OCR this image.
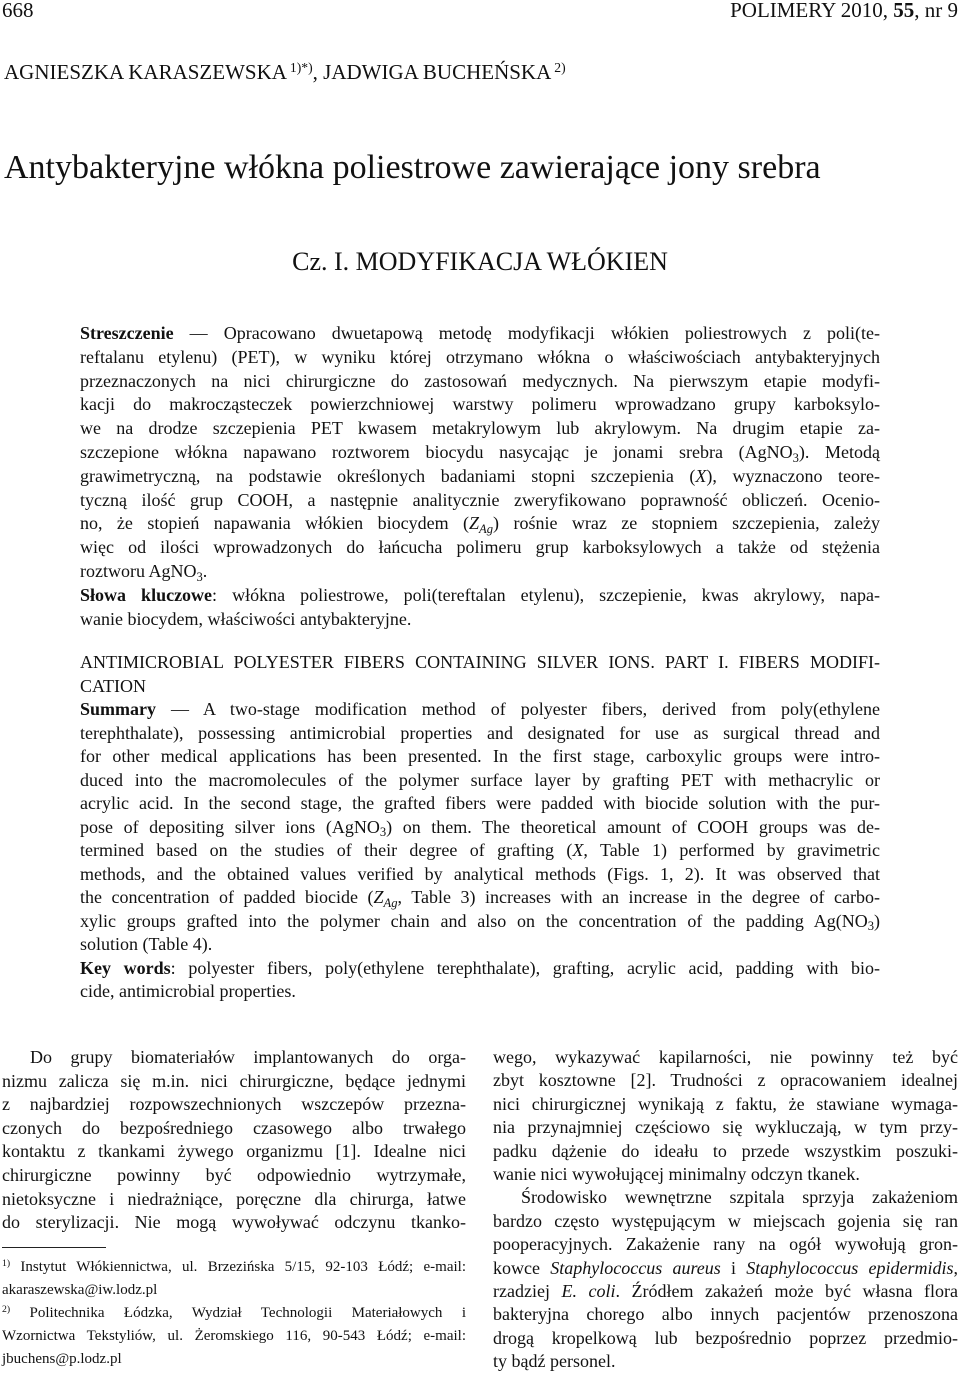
668	POLIMERY 2010, 55, nr 9
AGNIESZKA KARASZEWSKA $^{1)*)}$, JADWIGA BUCHEŃSKA $^{2)}$
Antybakteryjne włókna poliestrowe zawierające jony srebra
Cz. I. MODYFIKACJA WŁÓKIEN
Streszczenie — Opracowano dwuetapową metodę modyfikacji włókien poliestrowych z poli(te-
reftalanu etylenu) (PET), w wyniku której otrzymano włókna o właściwościach antybakteryjnych
przeznaczonych na nici chirurgiczne do zastosowań medycznych. Na pierwszym etapie modyfi-
kacji do makrocząsteczek powierzchniowej warstwy polimeru wprowadzano grupy karboksylo-
we na drodze szczepienia PET kwasem metakrylowym lub akrylowym. Na drugim etapie za-
szczepione włókna napawano roztworem biocydu nasycając je jonami srebra (AgNO$_3$). Metodą
grawimetryczną, na podstawie określonych badaniami stopni szczepienia (X), wyznaczono teore-
tyczną ilość grup COOH, a następnie analitycznie zweryfikowano poprawność obliczeń. Ocenio-
no, że stopień napawania włókien biocydem $(Z_{Ag})$ rośnie wraz ze stopniem szczepienia, zależy
więc od ilości wprowadzonych do łańcucha polimeru grup karboksylowych a także od stężenia
roztworu AgNO$_3$.
Słowa kluczowe: włókna poliestrowe, poli(tereftalan etylenu), szczepienie, kwas akrylowy, napa-
wanie biocydem, właściwości antybakteryjne.
ANTIMICROBIAL POLYESTER FIBERS CONTAINING SILVER IONS. PART I. FIBERS MODIFI-
CATION
Summary — A two-stage modification method of polyester fibers, derived from poly(ethylene
terephthalate), possessing antimicrobial properties and designated for use as surgical thread and
for other medical applications has been presented. In the first stage, carboxylic groups were intro-
duced into the macromolecules of the polymer surface layer by grafting PET with methacrylic or
acrylic acid. In the second stage, the grafted fibers were padded with biocide solution with the pur-
pose of depositing silver ions (AgNO$_3$) on them. The theoretical amount of COOH groups was de-
termined based on the studies of their degree of grafting (X, Table 1) performed by gravimetric
methods, and the obtained values verified by analytical methods (Figs. 1, 2). It was observed that
the concentration of padded biocide ($Z_{Ag}$, Table 3) increases with an increase in the degree of carbo-
xylic groups grafted into the polymer chain and also on the concentration of the padding $Ag(NO_3)$
solution (Table 4).
Key words: polyester fibers, poly(ethylene terephthalate), grafting, acrylic acid, padding with bio-
cide, antimicrobial properties.
Do grupy biomateriałów implantowanych do orga-
nizmu zalicza się m.in. nici chirurgiczne, będące jednymi
z najbardziej rozpowszechnionych wszczepów przezna-
czonych do bezpośredniego czasowego albo trwałego
kontaktu z tkankami żywego organizmu [1]. Idealne nici
chirurgiczne powinny być odpowiednio wytrzymałe,
nietoksyczne i niedrażniące, poręczne dla chirurga, łatwe
do sterylizacji. Nie mogą wywoływać odczynu tkanko-
$^{1)}$ Instytut Włókiennictwa, ul. Brzezińska 5/15, 92-103 Łódź; e-mail:
akaraszewska@iw.lodz.pl
$^{2)}$ Politechnika Łódzka, Wydział Technologii Materiałowych i
Wzornictwa Tekstyliów, ul. Żeromskiego 116, 90-543 Łódź; e-mail:
jbuchens@p.lodz.pl
wego, wykazywać kapilarności, nie powinny też być
zbyt kosztowne [2]. Trudności z opracowaniem idealnej
nici chirurgicznej wynikają z faktu, że stawiane wymaga-
nia przynajmniej częściowo się wykluczają, w tym przy-
padku dążenie do ideału to przede wszystkim poszuki-
wanie nici wywołującej minimalny odczyn tkanek.
Środowisko wewnętrzne szpitala sprzyja zakażeniom
bardzo często występującym w miejscach gojenia się ran
pooperacyjnych. Zakażenie rany na ogół wywołują gron-
kowce Staphylococcus aureus i Staphylococcus epidermidis,
rzadziej E. coli. Źródłem zakażeń może być własna flora
bakteryjna chorego albo innych pacjentów przenoszona
drogą kropelkową lub bezpośrednio poprzez przedmio-
ty bądź personel.
